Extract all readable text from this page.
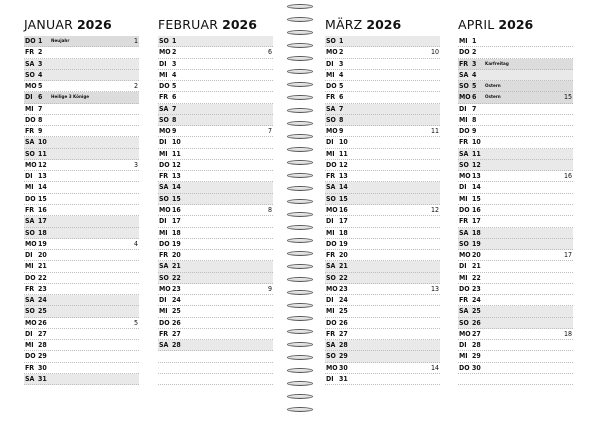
JANUAR 2026
DO 1 Neujahr	1
FR 2
SA 3
SO 4
MO 5	2
DI 6 Heilige 3 Könige
MI 7
DO 8
FR 9
SA 10
SO 11
MO 12	3
DI 13
MI 14
DO 15
FR 16
SA 17
SO 18
MO 19	4
DI 20
MI 21
DO 22
FR 23
SA 24
SO 25
MO 26	5
DI 27
MI 28
DO 29
FR 30
SA 31
FEBRUAR 2026
SO 1
MO 2	6
DI 3
MI 4
DO 5
FR 6
SA 7
SO 8
MO 9	7
DI 10
MI 11
DO 12
FR 13
SA 14
SO 15
MO 16	8
DI 17
MI 18
DO 19
FR 20
SA 21
SO 22
MO 23	9
DI 24
MI 25
DO 26
FR 27
SA 28
MÄRZ 2026
SO 1
MO 2	10
DI 3
MI 4
DO 5
FR 6
SA 7
SO 8
MO 9	11
DI 10
MI 11
DO 12
FR 13
SA 14
SO 15
MO 16	12
DI 17
MI 18
DO 19
FR 20
SA 21
SO 22
MO 23	13
DI 24
MI 25
DO 26
FR 27
SA 28
SO 29
MO 30	14
DI 31
APRIL 2026
MI 1
DO 2
FR 3 Karfreitag
SA 4
SO 5 Ostern
MO 6 Ostern	15
DI 7
MI 8
DO 9
FR 10
SA 11
SO 12
MO 13	16
DI 14
MI 15
DO 16
FR 17
SA 18
SO 19
MO 20	17
DI 21
MI 22
DO 23
FR 24
SA 25
SO 26
MO 27	18
DI 28
MI 29
DO 30
